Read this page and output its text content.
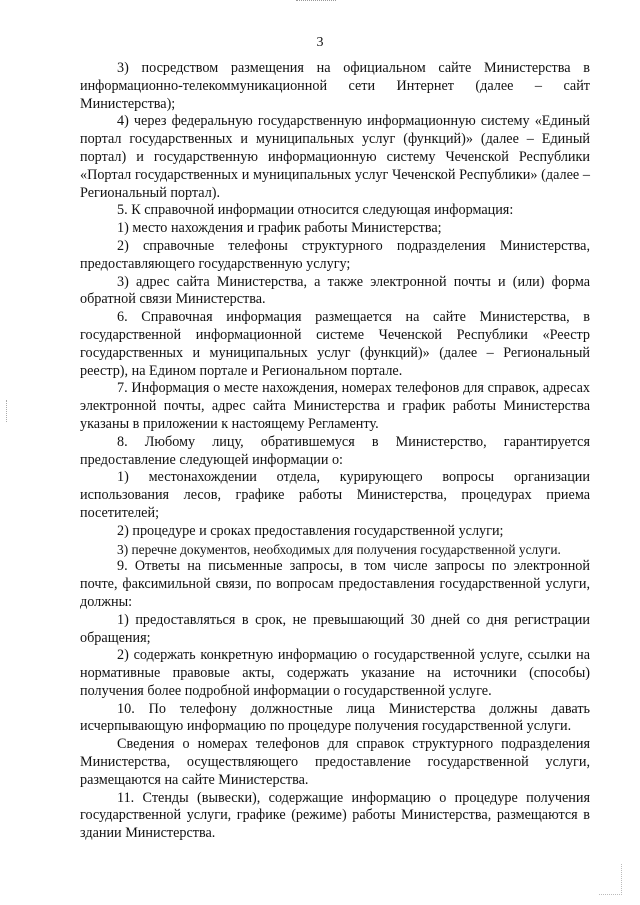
3

3) посредством размещения на официальном сайте Министерства в информационно-телекоммуникационной сети Интернет (далее – сайт Министерства);

4) через федеральную государственную информационную систему «Единый портал государственных и муниципальных услуг (функций)» (далее – Единый портал) и государственную информационную систему Чеченской Республики «Портал государственных и муниципальных услуг Чеченской Республики» (далее – Региональный портал).

5. К справочной информации относится следующая информация:

1) место нахождения и график работы Министерства;

2) справочные телефоны структурного подразделения Министерства, предоставляющего государственную услугу;

3) адрес сайта Министерства, а также электронной почты и (или) форма обратной связи Министерства.

6. Справочная информация размещается на сайте Министерства, в государственной информационной системе Чеченской Республики «Реестр государственных и муниципальных услуг (функций)» (далее – Региональный реестр), на Едином портале и Региональном портале.

7. Информация о месте нахождения, номерах телефонов для справок, адресах электронной почты, адрес сайта Министерства и график работы Министерства указаны в приложении к настоящему Регламенту.

8. Любому лицу, обратившемуся в Министерство, гарантируется предоставление следующей информации о:

1) местонахождении отдела, курирующего вопросы организации использования лесов, графике работы Министерства, процедурах приема посетителей;

2) процедуре и сроках предоставления государственной услуги;

3) перечне документов, необходимых для получения государственной услуги.

9. Ответы на письменные запросы, в том числе запросы по электронной почте, факсимильной связи, по вопросам предоставления государственной услуги, должны:

1) предоставляться в срок, не превышающий 30 дней со дня регистрации обращения;

2) содержать конкретную информацию о государственной услуге, ссылки на нормативные правовые акты, содержать указание на источники (способы) получения более подробной информации о государственной услуге.

10. По телефону должностные лица Министерства должны давать исчерпывающую информацию по процедуре получения государственной услуги.

Сведения о номерах телефонов для справок структурного подразделения Министерства, осуществляющего предоставление государственной услуги, размещаются на сайте Министерства.

11. Стенды (вывески), содержащие информацию о процедуре получения государственной услуги, графике (режиме) работы Министерства, размещаются в здании Министерства.
